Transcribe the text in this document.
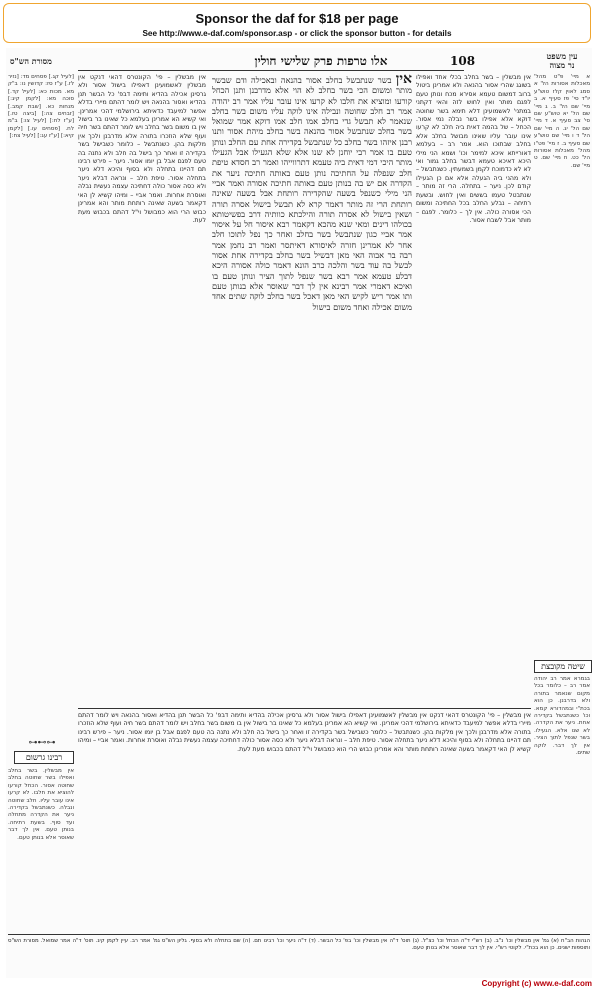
Sponsor the daf for $18 per page
See http://www.e-daf.com/sponsor.asp - or click the sponsor button - for details
108
אלו טרפות פרק שלישי חולין
מסורת הש"ס	עין משפט
נר מצוה

[לעיל קג.] פסחים מד: [נזיר לז.] ע"ז סז: קדושין נו: ב"ק מא. מכות כא: [לעיל קד.] סוכה מא: [לקמן קיג:] מנחות כא. [שבת קמב.] [זבחים צה:] [ביצה טז.] [ע"ז לח:] [לעיל צו:] ב"מ לח. [פסחים עו.] [לקמן קיא:] [ע"ז עג:] [לעיל צח:]

⊶⊷⊶
רבינו גרשום

אין מבשלין. בשר בחלב ואפילו בשר שחוטה בחלב שחוטה אסור. הכחל קורעו להוציא את חלבו. לא קרעו אינו עובר עליו. חלב שחוטה ונבלה. כשנתבשל בקדירה. ניער את הקדרה מתחלה ועד סוף. בשעת רתיחה. בנותן טעם. אין לך דבר שאוסר אלא בנותן טעם.

אין מבשלין – פי' הקונטרס דהאי דנקט אין מבשלין לאשמועינן דאפילו בישול אסור ולא גרסינן אכילה בהדיא ותימה דבפ' כל הבשר תנן בהדיא ואסור בהנאה ויש לומר דהתם מיירי בדלא אפשר למיעבד כדאיתא בירושלמי דהכי אמרינן. ואי קשיא הא אמרינן בעלמא כל שאינו בר בישול אין בו משום בשר בחלב ויש לומר דהתם בשר חיה ועוף שלא הוזכרו בתורה אלא מדרבנן ולכך אין מלקות בהן. כשנתבשל – כלומר כשבישל בשר בקדירה זו ואחר כך בישל בה חלב ולא נתנה בה טעם לפגם אבל בן יומו אסור. ניער – פירש רבינו תם דהיינו בתחלה ולא בסוף והיכא דלא ניער בתחלה אסור. טיפת חלב – ונראה דבלא ניער ולא כסה אסור כולה דחתיכה עצמה נעשית נבלה ואוסרת אחרות. ואמר אביי – ומיהו קשיא לן האי דקאמר בשעה שאינה רותחת מותר והא אמרינן כבוש הרי הוא כמבושל וי"ל דהתם בכבוש מעת לעת.

אין בשר שנתבשל בחלב אסור בהנאה ובאכילה ודם שבשר מותר ומשום הכי בשר בחלב לא הוי אלא מדרבנן ותנן הכחל קורעו ומוציא את חלבו לא קרעו אינו עובר עליו אמר רב יהודה אמר רב חלב שחוטה ונבילה אינו לוקה עליו משום בשר בחלב שנאמר לא תבשל גדי בחלב אמו חלב אמו דוקא אמר שמואל בשר בחלב שנתבשל אסור בהנאה בשר בחלב מיהת אסור ותנו רבנן איזהו בשר בחלב כל שנתבשל בקדירה אחת עם החלב ונותן טעם בו אמר רבי יוחנן לא שנו אלא שלא הגעילו אבל הגעילו מותר היכי דמי דאית ביה טעמא דתרווייהו ואמר רב חסדא טיפת חלב שנפלה על החתיכה נותן טעם באותה חתיכה ניער את הקדרה אם יש בה בנותן טעם באותה חתיכה אסורה ואמר אביי הני מילי כשנפל בשעה שהקדירה רותחת אבל בשעה שאינה רותחת הרי זה מותר דאמר קרא לא תבשל בישול אסרה תורה ושאין בישול לא אסרה תורה והילכתא כוותיה דרב בפשיטותא בכולהו דינים ומאי שנא מהכא דקאמר רבא איסור חל על איסור אמר אביי כגון שנתבשל בשר בחלב ואחר כך נפל לתוכו חלב אחר לא אמרינן חזרה לאיסורא דאיתסר ואמר רב נחמן אמר רבה בר אבוה האי מאן דבשיל בשר בחלב בקדירה אחת אסור לבשל בה עוד בשר והלכה כרב הונא דאמר כולה אסורה היכא דבלע טעמא אמר רבא בשר שנפל לתוך הציר ונותן טעם בו ואיכא דאמרי אמר רבינא אין לך דבר שאוסר אלא בנותן טעם ותו אמר ריש לקיש האי מאן דאכל בשר בחלב לוקה שתים אחד משום אכילה ואחד משום בישול

אין מבשלין – בשר בחלב בכלי אחד ואפילו בשוגג שהרי אסור בהנאה ולא אמרינן ביטול ברוב דמשום טעמא אסירא מכח ונותן טעם לפגם מותר ואין לחוש לזה והאי דקתני במתני' לאשמועינן דלא תימא בשר שחוטה דוקא אלא אפילו בשר נבלה נמי אסור. הכחל – של בהמה דאית ביה חלב לא קרעו אינו עובר עליו שאינו מבושל בחלב אלא בחלב שבתוכו הוא. אמר רב – בעלמא דאורייתא איכא למימר וכו' ושמא הני מילי היכא דאיכא טעמא דבשר בחלב גמור ואי לא לא כדמוכח לקמן בשמעתין. כשנתבשל – ולא מהני ביה הגעלה אלא אם כן הגעילו קודם לכן. ניער – בתחלה. הרי זה מותר – שנתבטל טעמו בששים ואין לחוש. ובשעת רתיחה – נבלע החלב בכל החתיכה ומשום הכי אסורה כולה. אין לך – כלומר. לפגם – מותר אבל לשבח אסור.

א מיי' פ"ט מהל' מאכלות אסורות הל' א סמג לאוין קלז טוש"ע יו"ד סי' פז סעיף א. ב מיי' שם הל' ב. ג מיי' שם הל' יא טוש"ע שם סי' צב סעיף א. ד מיי' שם הל' יג. ה מיי' שם הל' ד ו מיי' שם טוש"ע שם סעיף ב. ז מיי' פט"ו מהל' מאכלות אסורות הל' כט. ח מיי' שם. ט מיי' שם.

שיטה מקובצת

בגמרא אמר רב יהודה אמר רב – כלומר בכל מקום שנאמר בתורה ולא בדרבנן. כן הוא בכת"י ובמהדורא קמא. וכו' כשנתבשל בקדירה אחת. ניער את הקדרה. לא שנו אלא. הגעילו. בשר שנפל לתוך הציר. אין לך דבר. לוקה שתים.

אין מבשלין – פי' הקונטרס דהאי דנקט אין מבשלין לאשמועינן דאפילו בישול אסור ולא גרסינן אכילה בהדיא ותימה דבפ' כל הבשר תנן בהדיא ואסור בהנאה ויש לומר דהתם מיירי בדלא אפשר למיעבד כדאיתא בירושלמי דהכי אמרינן. ואי קשיא הא אמרינן בעלמא כל שאינו בר בישול אין בו משום בשר בחלב ויש לומר דהתם בשר חיה ועוף שלא הוזכרו בתורה אלא מדרבנן ולכך אין מלקות בהן. כשנתבשל – כלומר כשבישל בשר בקדירה זו ואחר כך בישל בה חלב ולא נתנה בה טעם לפגם אבל בן יומו אסור. ניער – פירש רבינו תם דהיינו בתחלה ולא בסוף והיכא דלא ניער בתחלה אסור. טיפת חלב – ונראה דבלא ניער ולא כסה אסור כולה דחתיכה עצמה נעשית נבלה ואוסרת אחרות. ואמר אביי – ומיהו קשיא לן האי דקאמר בשעה שאינה רותחת מותר והא אמרינן כבוש הרי הוא כמבושל וי"ל דהתם בכבוש מעת לעת.

הגהות הב"ח (א) גמ' אין מבשלין וכו' נ"ב. (ב) רש"י ד"ה הכחל וכו' כצ"ל. (ג) תוס' ד"ה אין מבשלין וכו' בפ' כל הבשר. (ד) ד"ה ניער וכו' רבינו תם. (ה) שם בתחלה ולא בסוף. גליון הש"ס גמ' אמר רב. עיין לקמן קיג. תוס' ד"ה אמר שמואל. מסורת הש"ס ותוספות ישנים. כן הוא בכת"י. לקוטי רש"י. אין לך דבר שאוסר אלא בנותן טעם.

Copyright (c) www.e-daf.com
